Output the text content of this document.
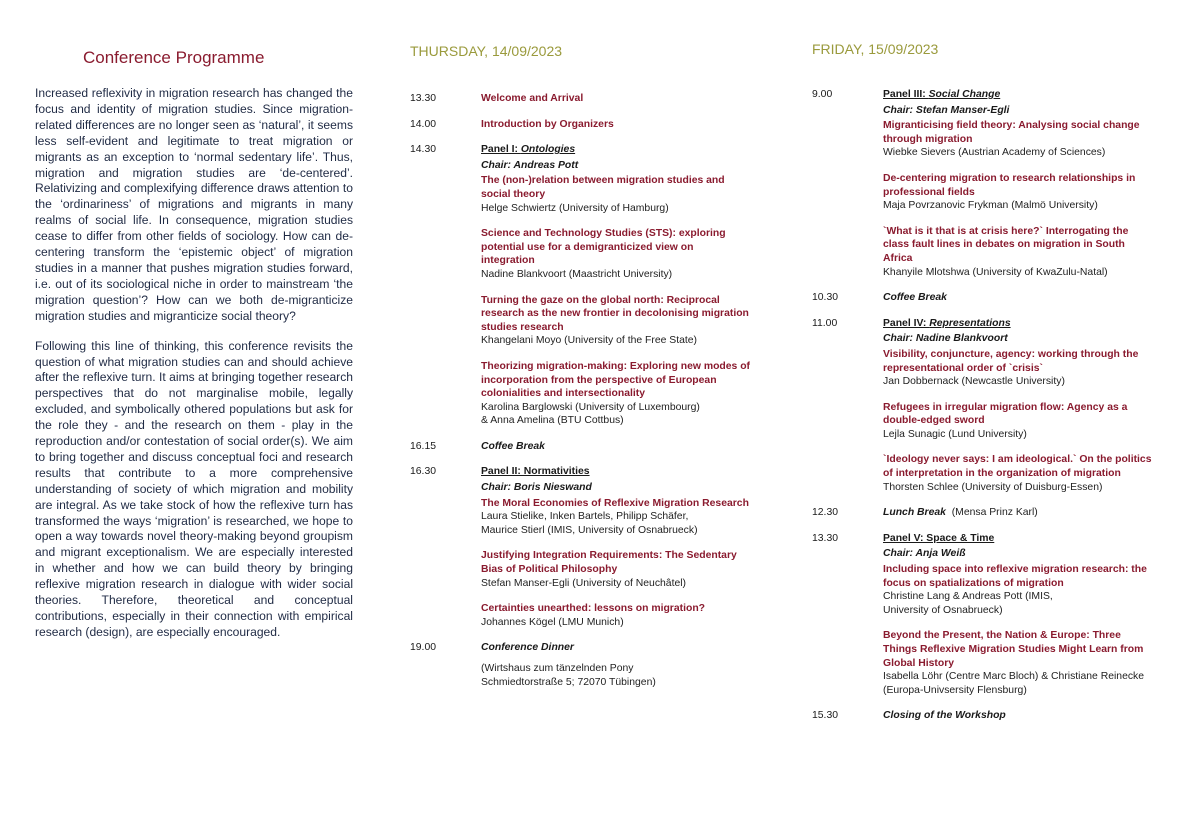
Conference Programme

Increased reflexivity in migration research has changed the focus and identity of migration studies. Since migration-related differences are no longer seen as ‘natural’, it seems less self-evident and legitimate to treat migration or migrants as an exception to ‘normal sedentary life’. Thus, migration and migration studies are ‘de-centered’. Relativizing and complexifying difference draws attention to the ‘ordinariness’ of migrations and migrants in many realms of social life. In consequence, migration studies cease to differ from other fields of sociology. How can de-centering transform the ‘epistemic object’ of migration studies in a manner that pushes migration studies forward, i.e. out of its sociological niche in order to mainstream ‘the migration question’? How can we both de-migranticize migration studies and migranticize social theory?

Following this line of thinking, this conference revisits the question of what migration studies can and should achieve after the reflexive turn. It aims at bringing together research perspectives that do not marginalise mobile, legally excluded, and symbolically othered populations but ask for the role they - and the research on them - play in the reproduction and/or contestation of social order(s). We aim to bring together and discuss conceptual foci and research results that contribute to a more comprehensive understanding of society of which migration and mobility are integral. As we take stock of how the reflexive turn has transformed the ways ‘migration’ is researched, we hope to open a way towards novel theory-making beyond groupism and migrant exceptionalism. We are especially interested in whether and how we can build theory by bringing reflexive migration research in dialogue with wider social theories. Therefore, theoretical and conceptual contributions, especially in their connection with empirical research (design), are especially encouraged.

THURSDAY, 14/09/2023
13.30	Welcome and Arrival
14.00	Introduction by Organizers
14.30	Panel I: Ontologies
Chair: Andreas Pott
The (non-)relation between migration studies and social theory
Helge Schwiertz (University of Hamburg)
Science and Technology Studies (STS): exploring potential use for a demigranticized view on integration
Nadine Blankvoort (Maastricht University)
Turning the gaze on the global north: Reciprocal research as the new frontier in decolonising migration studies research
Khangelani Moyo (University of the Free State)
Theorizing migration-making: Exploring new modes of incorporation from the perspective of European colonialities and intersectionality
Karolina Barglowski (University of Luxembourg)
& Anna Amelina (BTU Cottbus)
16.15	Coffee Break
16.30	Panel II: Normativities
Chair: Boris Nieswand
The Moral Economies of Reflexive Migration Research
Laura Stielike, Inken Bartels, Philipp Schäfer,
Maurice Stierl (IMIS, University of Osnabrueck)
Justifying Integration Requirements: The Sedentary Bias of Political Philosophy
Stefan Manser-Egli (University of Neuchâtel)
Certainties unearthed: lessons on migration?
Johannes Kögel (LMU Munich)
19.00	Conference Dinner
(Wirtshaus zum tänzelnden Pony
Schmiedtorstraße 5; 72070 Tübingen)
FRIDAY, 15/09/2023
9.00	Panel III: Social Change
Chair: Stefan Manser-Egli
Migranticising field theory: Analysing social change through migration
Wiebke Sievers (Austrian Academy of Sciences)
De-centering migration to research relationships in professional fields
Maja Povrzanovic Frykman (Malmö University)
`What is it that is at crisis here?` Interrogating the class fault lines in debates on migration in South Africa
Khanyile Mlotshwa (University of KwaZulu-Natal)
10.30	Coffee Break
11.00	Panel IV: Representations
Chair: Nadine Blankvoort
Visibility, conjuncture, agency: working through the representational order of `crisis`
Jan Dobbernack (Newcastle University)
Refugees in irregular migration flow: Agency as a double-edged sword
Lejla Sunagic (Lund University)
`Ideology never says: I am ideological.` On the politics of interpretation in the organization of migration
Thorsten Schlee (University of Duisburg-Essen)
12.30	Lunch Break (Mensa Prinz Karl)
13.30	Panel V: Space & Time
Chair: Anja Weiß
Including space into reflexive migration research: the focus on spatializations of migration
Christine Lang & Andreas Pott (IMIS,
University of Osnabrueck)
Beyond the Present, the Nation & Europe: Three Things Reflexive Migration Studies Might Learn from Global History
Isabella Löhr (Centre Marc Bloch) & Christiane Reinecke
(Europa-Univsersity Flensburg)
15.30	Closing of the Workshop
